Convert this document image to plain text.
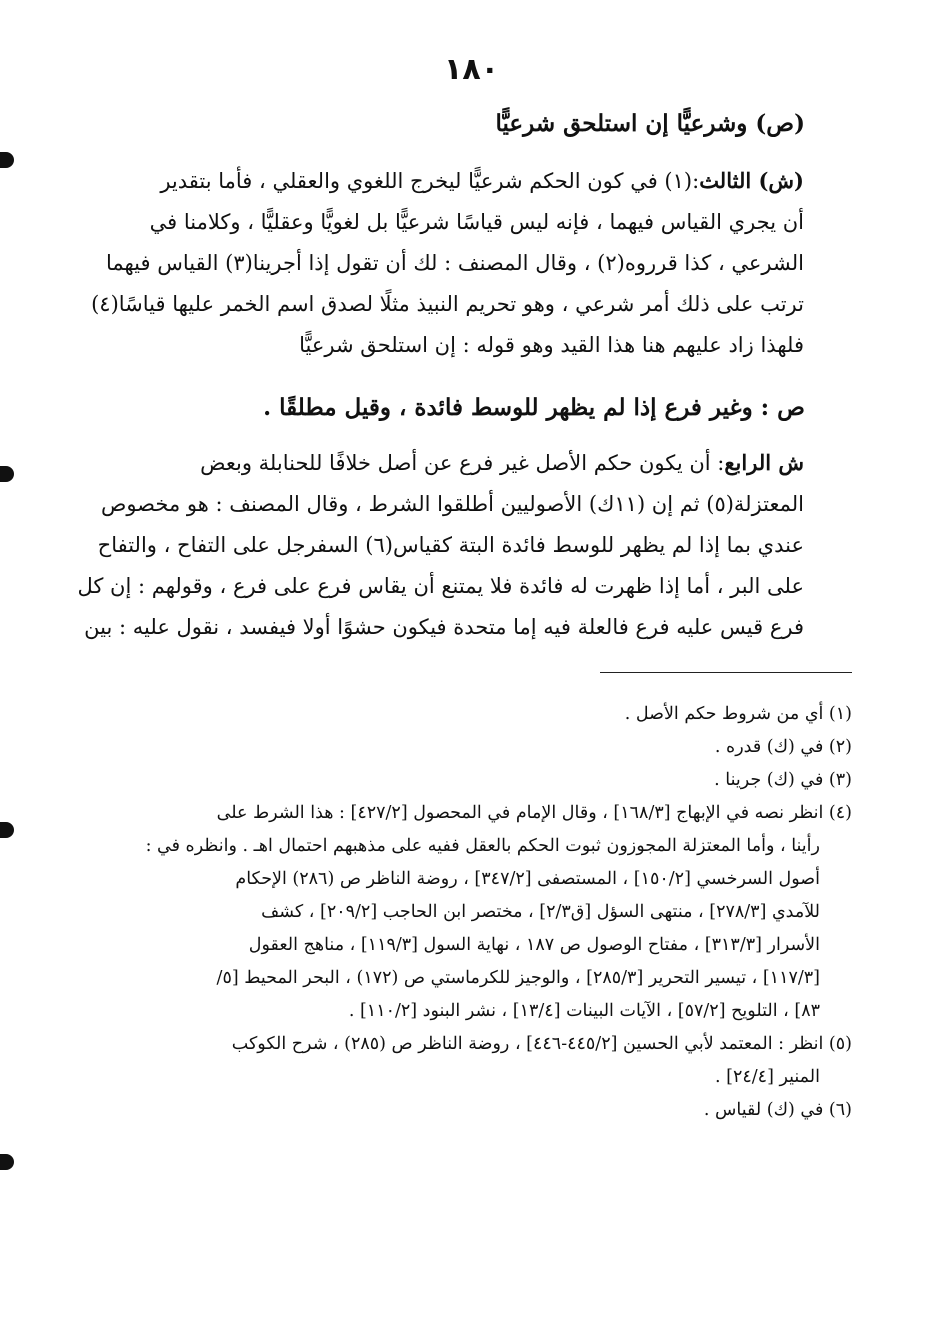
١٨٠
(ص) وشرعيًّا إن استلحق شرعيًّا
(ش) الثالث:(١) في كون الحكم شرعيًّا ليخرج اللغوي والعقلي ، فأما بتقدير
أن يجري القياس فيهما ، فإنه ليس قياسًا شرعيًّا بل لغويًّا وعقليًّا ، وكلامنا في
الشرعي ، كذا قرروه(٢) ، وقال المصنف : لك أن تقول إذا أجرينا(٣) القياس فيهما
ترتب على ذلك أمر شرعي ، وهو تحريم النبيذ مثلًا لصدق اسم الخمر عليها قياسًا(٤)
فلهذا زاد عليهم هنا هذا القيد وهو قوله : إن استلحق شرعيًّا
ص : وغير فرع إذا لم يظهر للوسط فائدة ، وقيل مطلقًا .
ش الرابع: أن يكون حكم الأصل غير فرع عن أصل خلافًا للحنابلة وبعض
المعتزلة(٥) ثم إن (١١ك) الأصوليين أطلقوا الشرط ، وقال المصنف : هو مخصوص
عندي بما إذا لم يظهر للوسط فائدة البتة كقياس(٦) السفرجل على التفاح ، والتفاح
على البر ، أما إذا ظهرت له فائدة فلا يمتنع أن يقاس فرع على فرع ، وقولهم : إن كل
فرع قيس عليه فرع فالعلة فيه إما متحدة فيكون حشوًا أولا فيفسد ، نقول عليه : بين
(١) أي من شروط حكم الأصل .
(٢) في (ك) قدره .
(٣) في (ك) جرينا .
(٤) انظر نصه في الإبهاج [١٦٨/٣] ، وقال الإمام في المحصول [٤٢٧/٢] : هذا الشرط على
رأينا ، وأما المعتزلة المجوزون ثبوت الحكم بالعقل ففيه على مذهبهم احتمال اهـ . وانظره في :
أصول السرخسي [١٥٠/٢] ، المستصفى [٣٤٧/٢] ، روضة الناظر ص (٢٨٦) الإحكام
للآمدي [٢٧٨/٣] ، منتهى السؤل [ق٢/٣] ، مختصر ابن الحاجب [٢٠٩/٢] ، كشف
الأسرار [٣١٣/٣] ، مفتاح الوصول ص ١٨٧ ، نهاية السول [١١٩/٣] ، مناهج العقول
[١١٧/٣] ، تيسير التحرير [٢٨٥/٣] ، والوجيز للكرماستي ص (١٧٢) ، البحر المحيط [٥/
٨٣] ، التلويح [٥٧/٢] ، الآيات البينات [١٣/٤] ، نشر البنود [١١٠/٢] .
(٥) انظر : المعتمد لأبي الحسين [٤٤٥/٢-٤٤٦] ، روضة الناظر ص (٢٨٥) ، شرح الكوكب
المنير [٢٤/٤] .
(٦) في (ك) لقياس .
